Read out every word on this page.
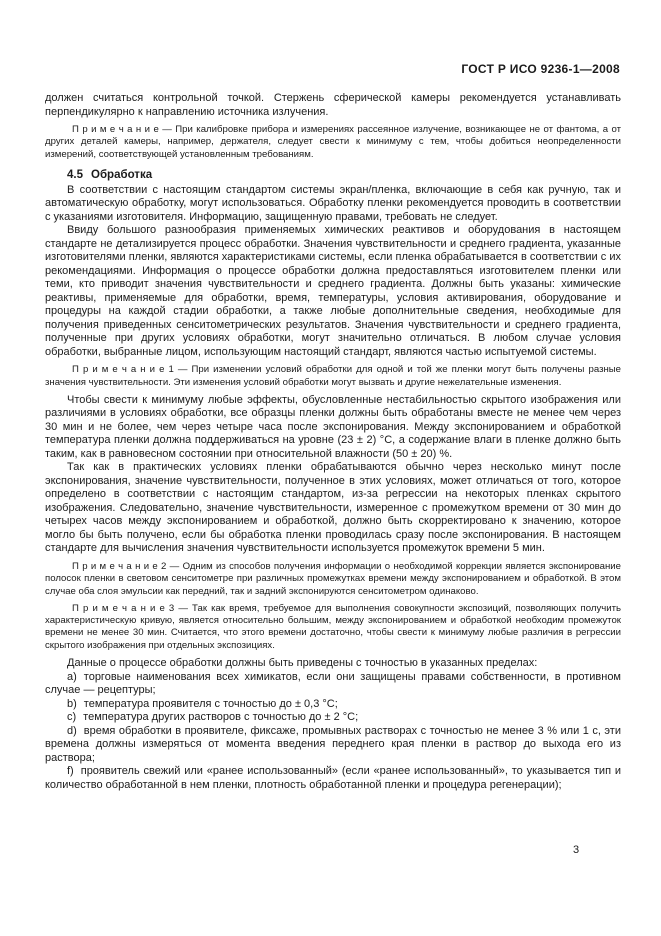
ГОСТ Р ИСО 9236-1—2008

должен считаться контрольной точкой. Стержень сферической камеры рекомендуется устанавливать перпендикулярно к направлению источника излучения.

П р и м е ч а н и е — При калибровке прибора и измерениях рассеянное излучение, возникающее не от фантома, а от других деталей камеры, например, держателя, следует свести к минимуму с тем, чтобы добиться неопределенности измерений, соответствующей установленным требованиям.

4.5 Обработка

В соответствии с настоящим стандартом системы экран/пленка, включающие в себя как ручную, так и автоматическую обработку, могут использоваться. Обработку пленки рекомендуется проводить в соответствии с указаниями изготовителя. Информацию, защищенную правами, требовать не следует.

Ввиду большого разнообразия применяемых химических реактивов и оборудования в настоящем стандарте не детализируется процесс обработки. Значения чувствительности и среднего градиента, указанные изготовителями пленки, являются характеристиками системы, если пленка обрабатывается в соответствии с их рекомендациями. Информация о процессе обработки должна предоставляться изготовителем пленки или теми, кто приводит значения чувствительности и среднего градиента. Должны быть указаны: химические реактивы, применяемые для обработки, время, температуры, условия активирования, оборудование и процедуры на каждой стадии обработки, а также любые дополнительные сведения, необходимые для получения приведенных сенситометрических результатов. Значения чувствительности и среднего градиента, полученные при других условиях обработки, могут значительно отличаться. В любом случае условия обработки, выбранные лицом, использующим настоящий стандарт, являются частью испытуемой системы.

П р и м е ч а н и е 1 — При изменении условий обработки для одной и той же пленки могут быть получены разные значения чувствительности. Эти изменения условий обработки могут вызвать и другие нежелательные изменения.

Чтобы свести к минимуму любые эффекты, обусловленные нестабильностью скрытого изображения или различиями в условиях обработки, все образцы пленки должны быть обработаны вместе не менее чем через 30 мин и не более, чем через четыре часа после экспонирования. Между экспонированием и обработкой температура пленки должна поддерживаться на уровне (23 ± 2) °C, а содержание влаги в пленке должно быть таким, как в равновесном состоянии при относительной влажности (50 ± 20) %.

Так как в практических условиях пленки обрабатываются обычно через несколько минут после экспонирования, значение чувствительности, полученное в этих условиях, может отличаться от того, которое определено в соответствии с настоящим стандартом, из-за регрессии на некоторых пленках скрытого изображения. Следовательно, значение чувствительности, измеренное с промежутком времени от 30 мин до четырех часов между экспонированием и обработкой, должно быть скорректировано к значению, которое могло бы быть получено, если бы обработка пленки проводилась сразу после экспонирования. В настоящем стандарте для вычисления значения чувствительности используется промежуток времени 5 мин.

П р и м е ч а н и е 2 — Одним из способов получения информации о необходимой коррекции является экспонирование полосок пленки в световом сенситометре при различных промежутках времени между экспонированием и обработкой. В этом случае оба слоя эмульсии как передний, так и задний экспонируются сенситометром одинаково.

П р и м е ч а н и е 3 — Так как время, требуемое для выполнения совокупности экспозиций, позволяющих получить характеристическую кривую, является относительно большим, между экспонированием и обработкой необходим промежуток времени не менее 30 мин. Считается, что этого времени достаточно, чтобы свести к минимуму любые различия в регрессии скрытого изображения при отдельных экспозициях.

Данные о процессе обработки должны быть приведены с точностью в указанных пределах:

a) торговые наименования всех химикатов, если они защищены правами собственности, в противном случае — рецептуры;

b) температура проявителя с точностью до ± 0,3 °C;

c) температура других растворов с точностью до ± 2 °C;

d) время обработки в проявителе, фиксаже, промывных растворах с точностью не менее 3 % или 1 с, эти времена должны измеряться от момента введения переднего края пленки в раствор до выхода его из раствора;

f) проявитель свежий или «ранее использованный» (если «ранее использованный», то указывается тип и количество обработанной в нем пленки, плотность обработанной пленки и процедура регенерации);

3
